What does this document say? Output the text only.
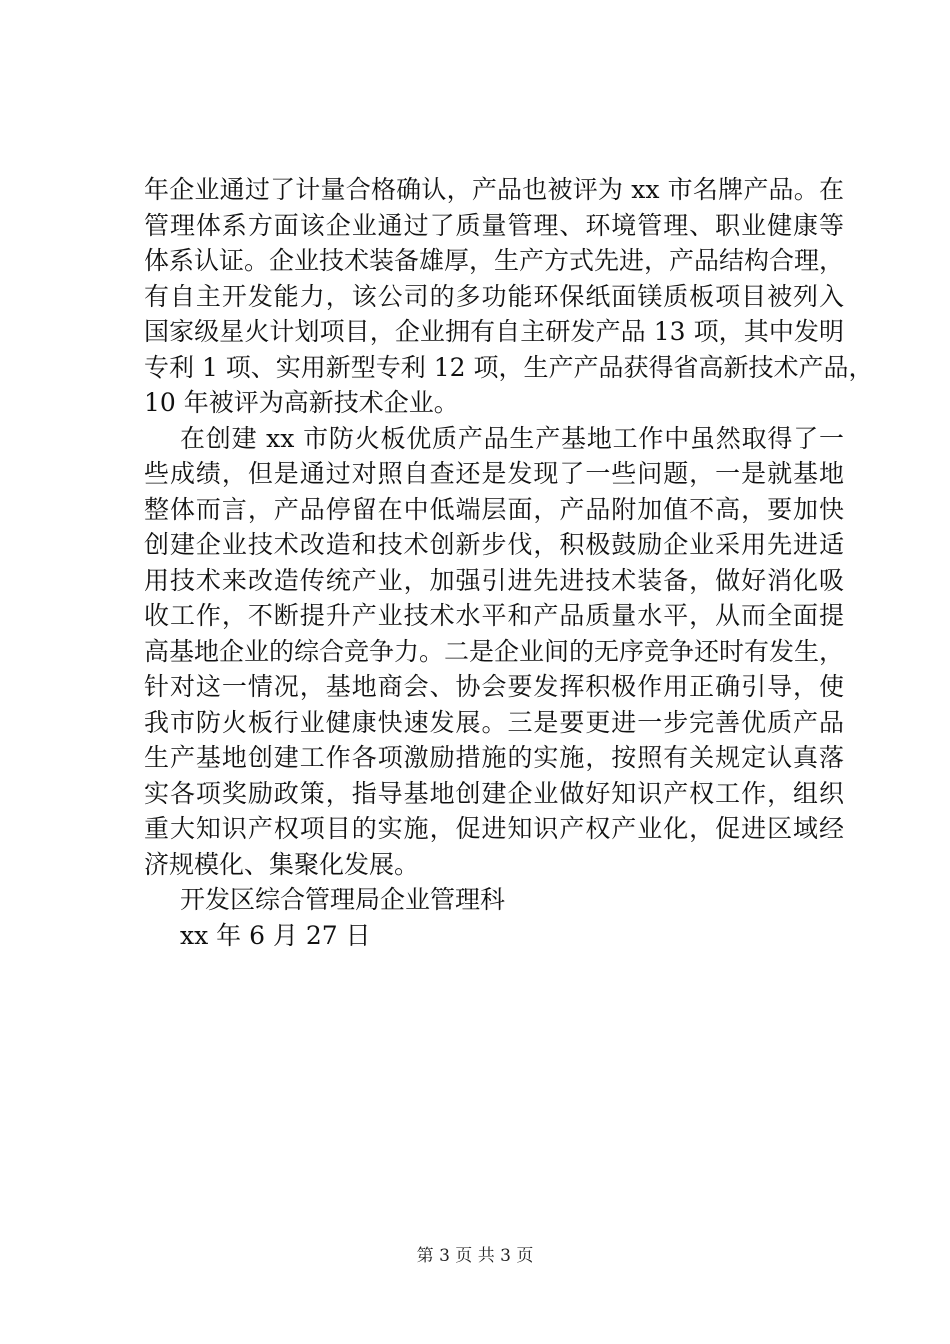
年企业通过了计量合格确认，产品也被评为 xx 市名牌产品。在
管理体系方面该企业通过了质量管理、环境管理、职业健康等
体系认证。企业技术装备雄厚，生产方式先进，产品结构合理，
有自主开发能力，该公司的多功能环保纸面镁质板项目被列入
国家级星火计划项目，企业拥有自主研发产品 13 项，其中发明
专利 1 项、实用新型专利 12 项，生产产品获得省高新技术产品，
10 年被评为高新技术企业。
在创建 xx 市防火板优质产品生产基地工作中虽然取得了一
些成绩，但是通过对照自查还是发现了一些问题，一是就基地
整体而言，产品停留在中低端层面，产品附加值不高，要加快
创建企业技术改造和技术创新步伐，积极鼓励企业采用先进适
用技术来改造传统产业，加强引进先进技术装备，做好消化吸
收工作，不断提升产业技术水平和产品质量水平，从而全面提
高基地企业的综合竞争力。二是企业间的无序竞争还时有发生，
针对这一情况，基地商会、协会要发挥积极作用正确引导，使
我市防火板行业健康快速发展。三是要更进一步完善优质产品
生产基地创建工作各项激励措施的实施，按照有关规定认真落
实各项奖励政策，指导基地创建企业做好知识产权工作，组织
重大知识产权项目的实施，促进知识产权产业化，促进区域经
济规模化、集聚化发展。
开发区综合管理局企业管理科
xx 年 6 月 27 日
第 3 页 共 3 页
